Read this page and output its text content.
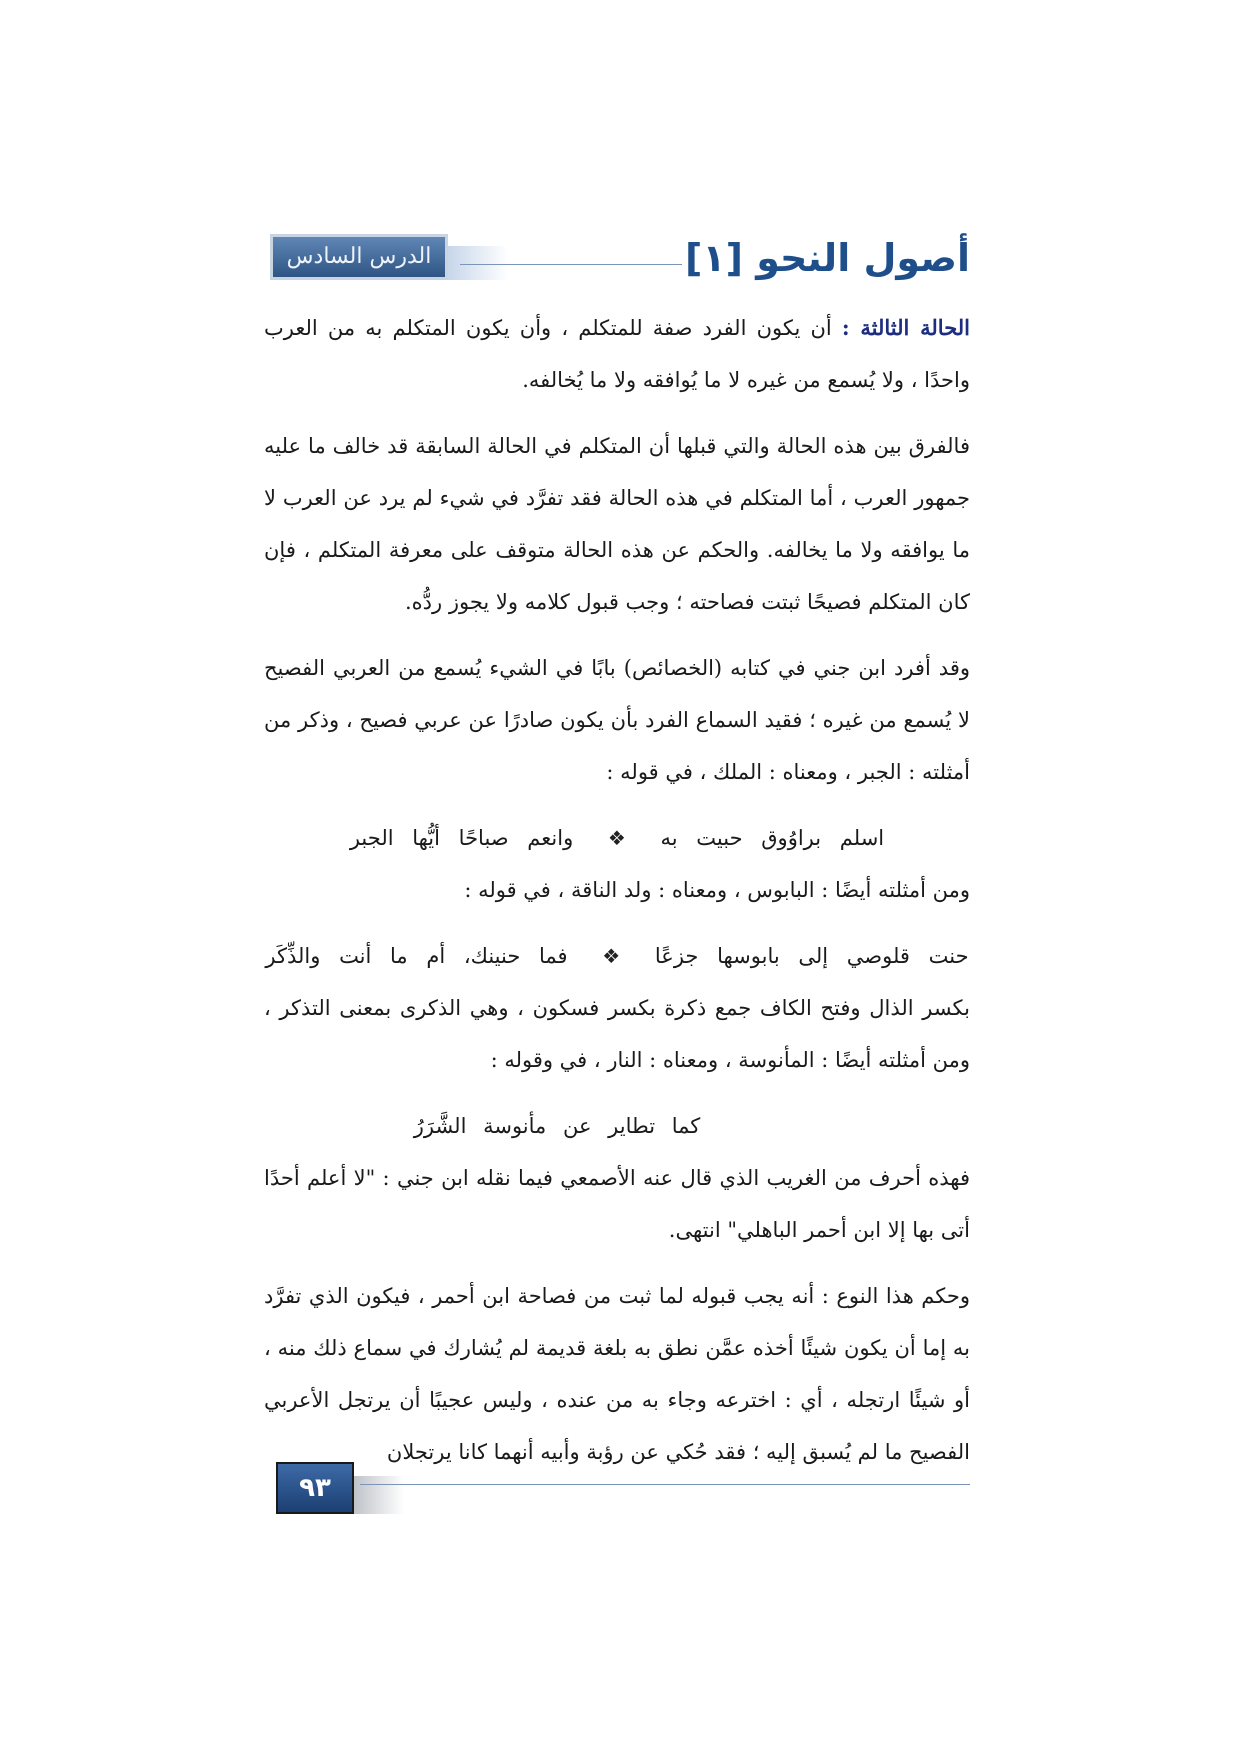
الدرس السادس	أصول النحو [١]

الحالة الثالثة : أن يكون الفرد صفة للمتكلم ، وأن يكون المتكلم به من العرب واحدًا ، ولا يُسمع من غيره لا ما يُوافقه ولا ما يُخالفه.

فالفرق بين هذه الحالة والتي قبلها أن المتكلم في الحالة السابقة قد خالف ما عليه جمهور العرب ، أما المتكلم في هذه الحالة فقد تفرَّد في شيء لم يرد عن العرب لا ما يوافقه ولا ما يخالفه. والحكم عن هذه الحالة متوقف على معرفة المتكلم ، فإن كان المتكلم فصيحًا ثبتت فصاحته ؛ وجب قبول كلامه ولا يجوز ردُّه.

وقد أفرد ابن جني في كتابه (الخصائص) بابًا في الشيء يُسمع من العربي الفصيح لا يُسمع من غيره ؛ فقيد السماع الفرد بأن يكون صادرًا عن عربي فصيح ، وذكر من أمثلته : الجبر ، ومعناه : الملك ، في قوله :

اسلم براوُوق حبيت به ❖ وانعم صباحًا أيُّها الجبر

ومن أمثلته أيضًا : البابوس ، ومعناه : ولد الناقة ، في قوله :

حنت قلوصي إلى بابوسها جزعًا ❖ فما حنينك، أم ما أنت والذِّكَر

بكسر الذال وفتح الكاف جمع ذكرة بكسر فسكون ، وهي الذكرى بمعنى التذكر ، ومن أمثلته أيضًا : المأنوسة ، ومعناه : النار ، في وقوله :

كما تطاير عن مأنوسة الشَّرَرُ

فهذه أحرف من الغريب الذي قال عنه الأصمعي فيما نقله ابن جني : "لا أعلم أحدًا أتى بها إلا ابن أحمر الباهلي" انتهى.

وحكم هذا النوع : أنه يجب قبوله لما ثبت من فصاحة ابن أحمر ، فيكون الذي تفرَّد به إما أن يكون شيئًا أخذه عمَّن نطق به بلغة قديمة لم يُشارك في سماع ذلك منه ، أو شيئًا ارتجله ، أي : اخترعه وجاء به من عنده ، وليس عجيبًا أن يرتجل الأعربي الفصيح ما لم يُسبق إليه ؛ فقد حُكي عن رؤبة وأبيه أنهما كانا يرتجلان

٩٣
